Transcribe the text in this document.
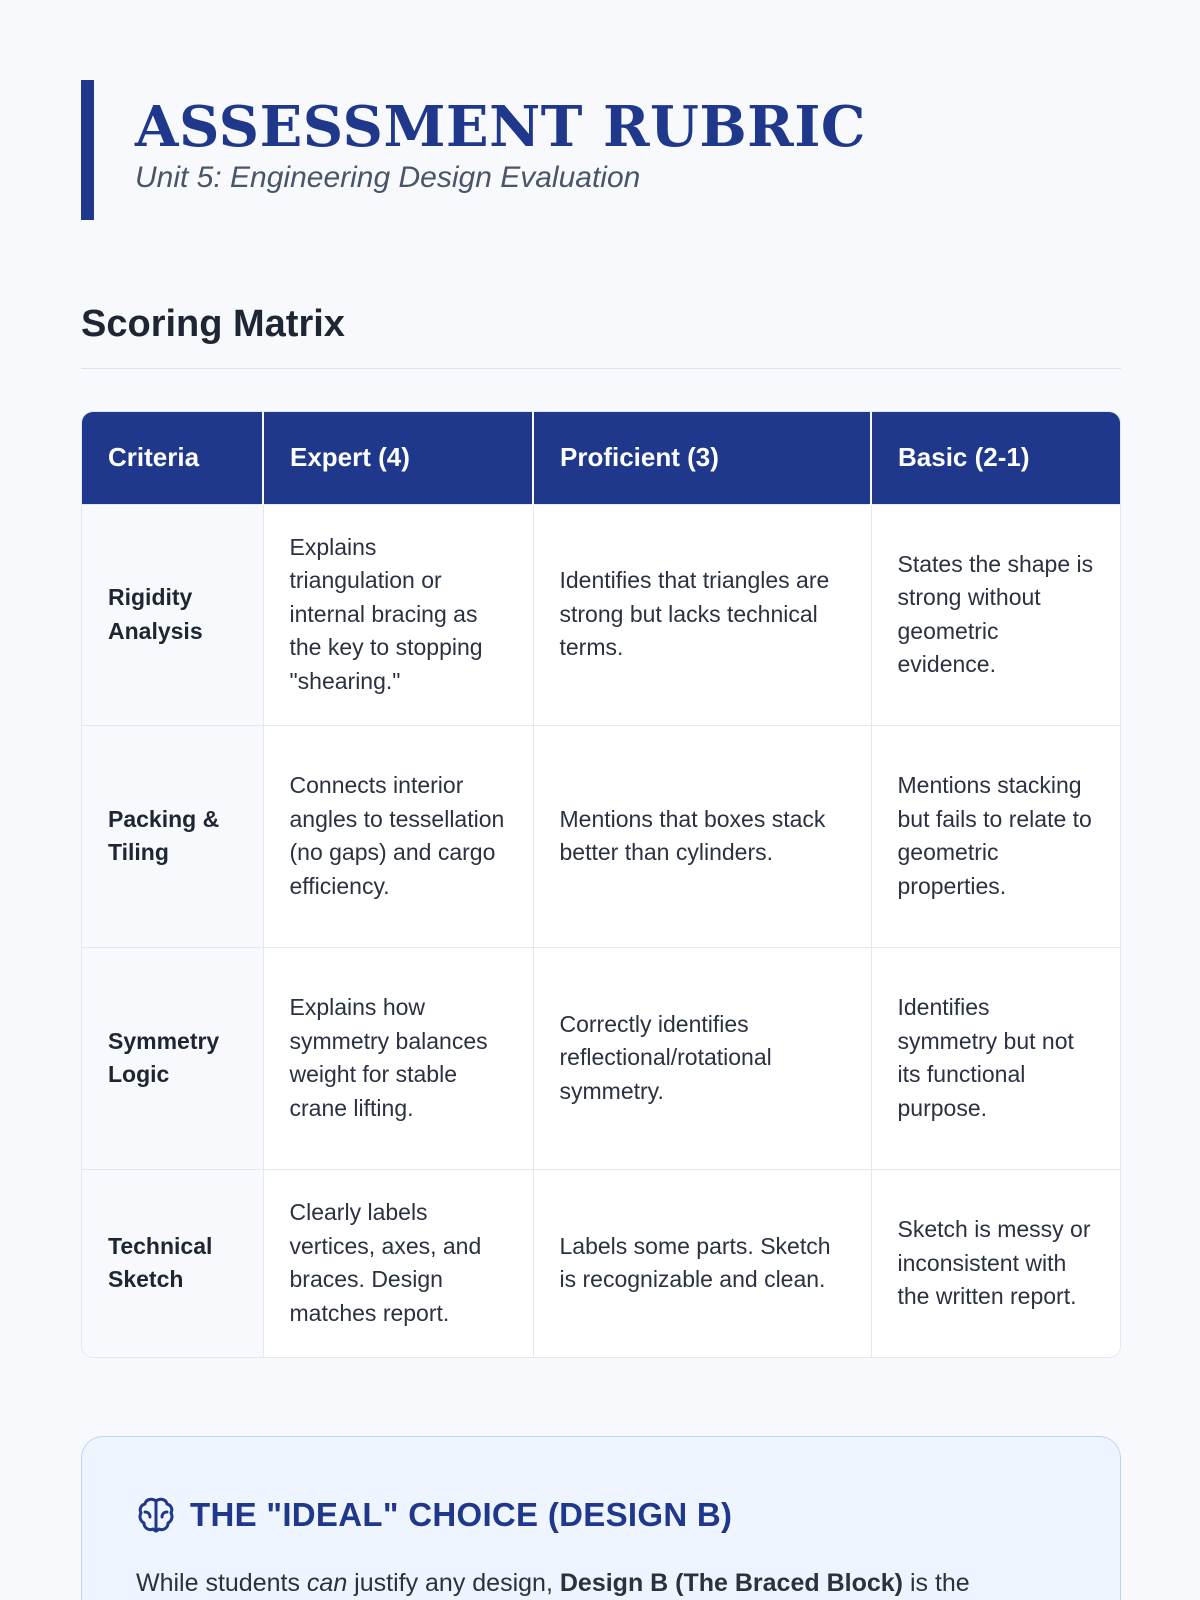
ASSESSMENT RUBRIC
Unit 5: Engineering Design Evaluation
Scoring Matrix
Criteria	Expert (4)	Proficient (3)	Basic (2-1)
Rigidity Analysis	Explains triangulation or internal bracing as the key to stopping "shearing."	Identifies that triangles are strong but lacks technical terms.	States the shape is strong without geometric evidence.
Packing & Tiling	Connects interior angles to tessellation (no gaps) and cargo efficiency.	Mentions that boxes stack better than cylinders.	Mentions stacking but fails to relate to geometric properties.
Symmetry Logic	Explains how symmetry balances weight for stable crane lifting.	Correctly identifies reflectional/rotational symmetry.	Identifies symmetry but not its functional purpose.
Technical Sketch	Clearly labels vertices, axes, and braces. Design matches report.	Labels some parts. Sketch is recognizable and clean.	Sketch is messy or inconsistent with the written report.
THE "IDEAL" CHOICE (DESIGN B)
While students can justify any design, Design B (The Braced Block) is the
